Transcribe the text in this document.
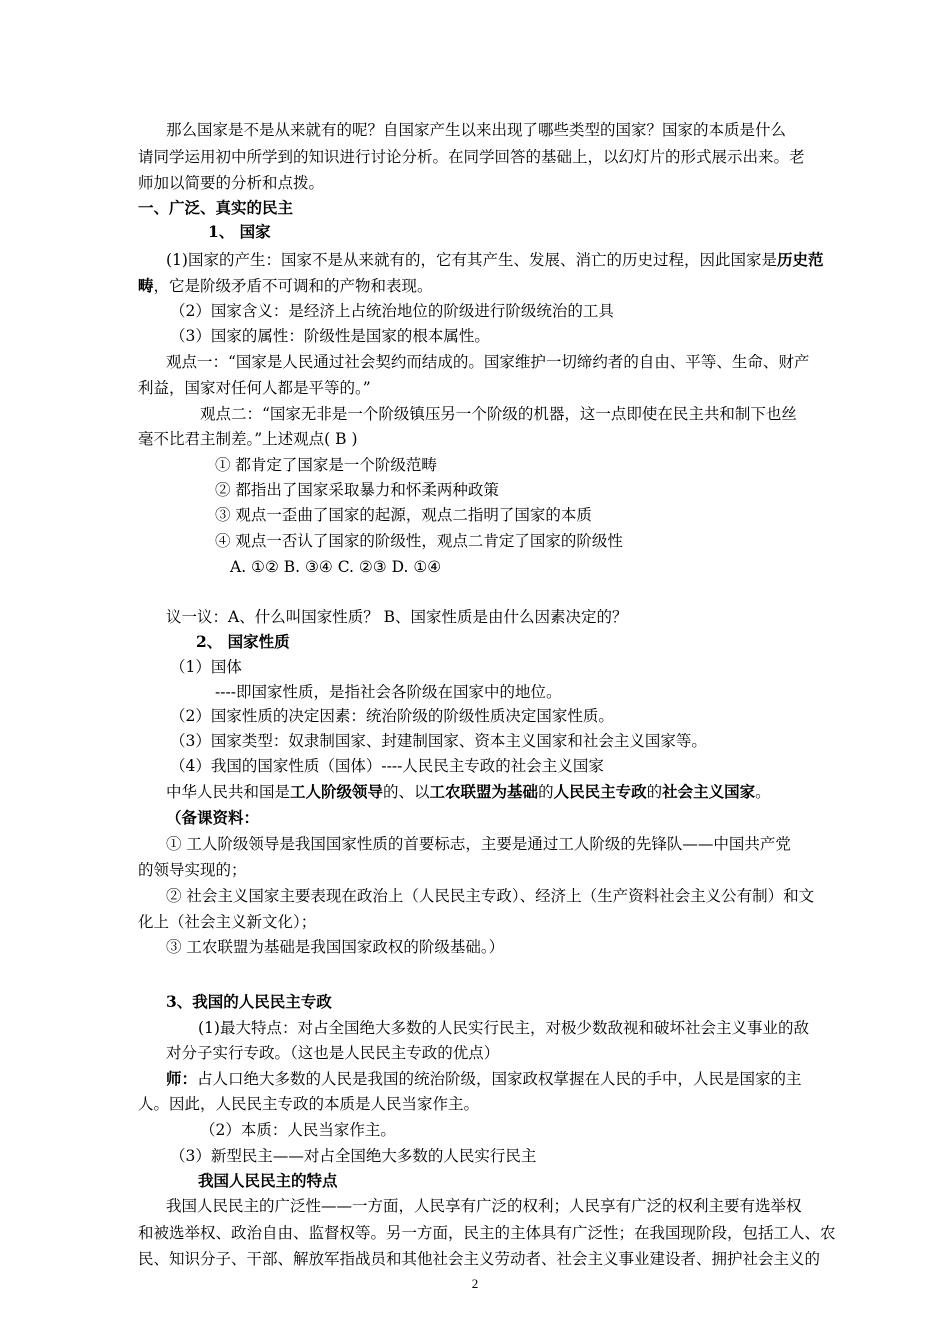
那么国家是不是从来就有的呢？自国家产生以来出现了哪些类型的国家？国家的本质是什么
请同学运用初中所学到的知识进行讨论分析。在同学回答的基础上，以幻灯片的形式展示出来。老
师加以简要的分析和点拨。
一、广泛、真实的民主
1、 国家
(1)国家的产生：国家不是从来就有的，它有其产生、发展、消亡的历史过程，因此国家是历史范
畴，它是阶级矛盾不可调和的产物和表现。
（2）国家含义：是经济上占统治地位的阶级进行阶级统治的工具
（3）国家的属性：阶级性是国家的根本属性。
观点一：“国家是人民通过社会契约而结成的。国家维护一切缔约者的自由、平等、生命、财产
利益，国家对任何人都是平等的。”
观点二：“国家无非是一个阶级镇压另一个阶级的机器，这一点即使在民主共和制下也丝
毫不比君主制差。”上述观点( B )
① 都肯定了国家是一个阶级范畴
② 都指出了国家采取暴力和怀柔两种政策
③ 观点一歪曲了国家的起源，观点二指明了国家的本质
④ 观点一否认了国家的阶级性，观点二肯定了国家的阶级性
A. ①② B. ③④ C. ②③ D. ①④
议一议：A、什么叫国家性质？ B、国家性质是由什么因素决定的？
2、 国家性质
（1）国体
----即国家性质，是指社会各阶级在国家中的地位。
（2）国家性质的决定因素：统治阶级的阶级性质决定国家性质。
（3）国家类型：奴隶制国家、封建制国家、资本主义国家和社会主义国家等。
（4）我国的国家性质（国体）----人民民主专政的社会主义国家
中华人民共和国是工人阶级领导的、以工农联盟为基础的人民民主专政的社会主义国家。
（备课资料：
① 工人阶级领导是我国国家性质的首要标志，主要是通过工人阶级的先锋队——中国共产党
的领导实现的；
② 社会主义国家主要表现在政治上（人民民主专政）、经济上（生产资料社会主义公有制）和文
化上（社会主义新文化）；
③ 工农联盟为基础是我国国家政权的阶级基础。）
3、我国的人民民主专政
(1)最大特点：对占全国绝大多数的人民实行民主，对极少数敌视和破坏社会主义事业的敌
对分子实行专政。（这也是人民民主专政的优点）
师：占人口绝大多数的人民是我国的统治阶级，国家政权掌握在人民的手中，人民是国家的主
人。因此，人民民主专政的本质是人民当家作主。
（2）本质：人民当家作主。
（3）新型民主——对占全国绝大多数的人民实行民主
我国人民民主的特点
我国人民民主的广泛性——一方面，人民享有广泛的权利；人民享有广泛的权利主要有选举权
和被选举权、政治自由、监督权等。另一方面，民主的主体具有广泛性；在我国现阶段，包括工人、农
民、知识分子、干部、解放军指战员和其他社会主义劳动者、社会主义事业建设者、拥护社会主义的
2
